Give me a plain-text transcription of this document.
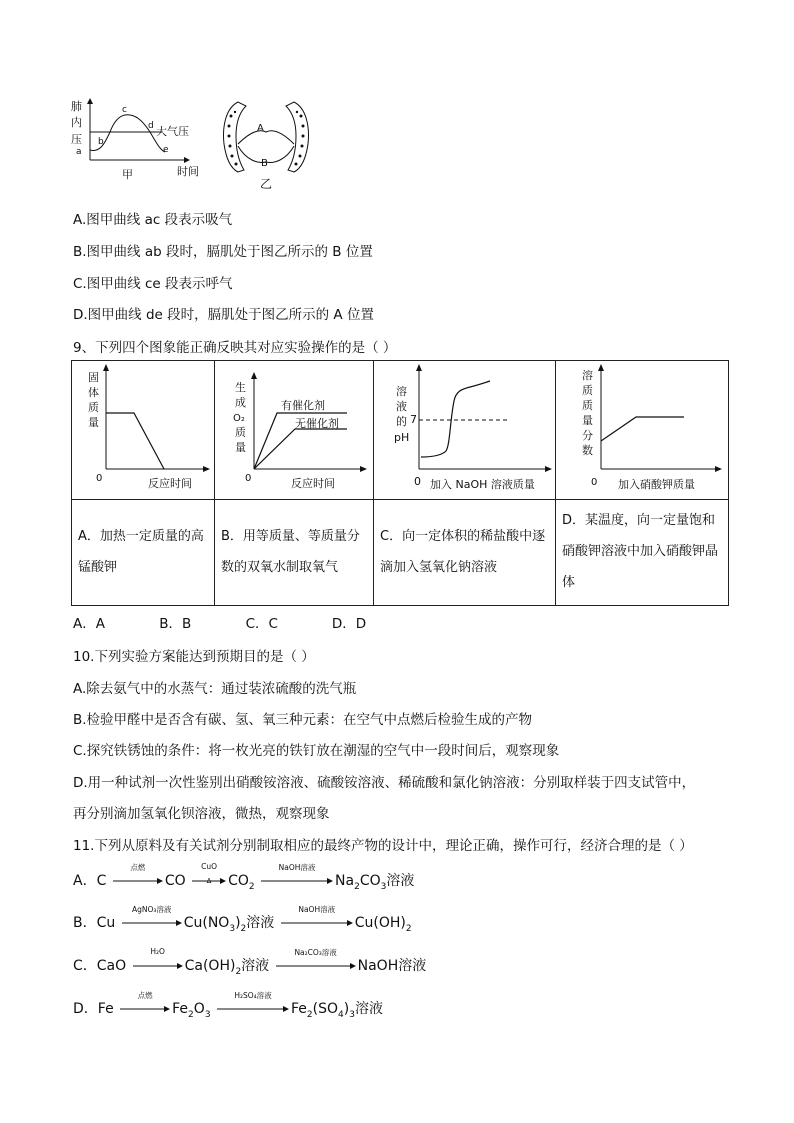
肺
内
压
a
b
c
d 大气压
e
时间
甲
A
B
乙
A.图甲曲线 ac 段表示吸气
B.图甲曲线 ab 段时，膈肌处于图乙所示的 B 位置
C.图甲曲线 ce 段表示呼气
D.图甲曲线 de 段时，膈肌处于图乙所示的 A 位置
9、下列四个图象能正确反映其对应实验操作的是（ ）
固
体
质
量
0	反应时间
生
成
O₂
质
量
有催化剂
无催化剂
0	反应时间
溶
液
的
pH
7
0 加入 NaOH 溶液质量
溶
质
质
量
分
数
0 加入硝酸钾质量
A．加热一定质量的高锰酸钾
B．用等质量、等质量分数的双氧水制取氧气
C．向一定体积的稀盐酸中逐滴加入氢氧化钠溶液
D．某温度，向一定量饱和硝酸钾溶液中加入硝酸钾晶体
A．A	B．B	C．C	D．D
10.下列实验方案能达到预期目的是（ ）
A.除去氨气中的水蒸气：通过装浓硫酸的洗气瓶
B.检验甲醛中是否含有碳、氢、氧三种元素：在空气中点燃后检验生成的产物
C.探究铁锈蚀的条件：将一枚光亮的铁钉放在潮湿的空气中一段时间后，观察现象
D.用一种试剂一次性鉴别出硝酸铵溶液、硫酸铵溶液、稀硫酸和氯化钠溶液：分别取样装于四支试管中，
再分别滴加氢氧化钡溶液，微热，观察现象
11.下列从原料及有关试剂分别制取相应的最终产物的设计中，理论正确，操作可行，经济合理的是（ ）
A．C
点燃
CO
CuO
Δ	$CO_2$
NaOH溶液
$Na_2CO_3$溶液
B．Cu
AgNO₃溶液
$Cu(NO_3)_2$溶液
NaOH溶液
$Cu(OH)_2$
C．CaO
H₂O
$Ca(OH)_2$溶液
Na₂CO₃溶液
NaOH溶液
D．Fe
点燃
$Fe_2O_3$
H₂SO₄溶液
$Fe_2(SO_4)_3$溶液
